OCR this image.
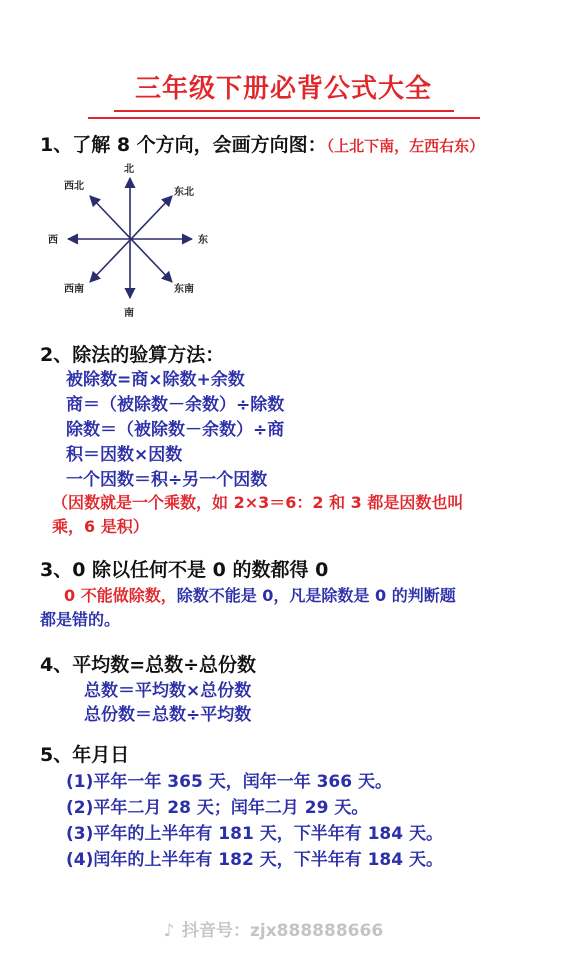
三年级下册必背公式大全
1、了解 8 个方向，会画方向图：（上北下南，左西右东）
北
南
西	东
西北
东北
西南	东南
2、除法的验算方法：
被除数=商×除数+余数
商＝（被除数－余数）÷除数
除数＝（被除数－余数）÷商
积＝因数×因数
一个因数＝积÷另一个因数
（因数就是一个乘数，如 2×3＝6：2 和 3 都是因数也叫
乘，6 是积）
3、0 除以任何不是 0 的数都得 0
0 不能做除数，除数不能是 0，凡是除数是 0 的判断题
都是错的。
4、平均数=总数÷总份数
总数＝平均数×总份数
总份数＝总数÷平均数
5、年月日
(1)平年一年 365 天，闰年一年 366 天。
(2)平年二月 28 天；闰年二月 29 天。
(3)平年的上半年有 181 天，下半年有 184 天。
(4)闰年的上半年有 182 天，下半年有 184 天。
♪ 抖音号：zjx888888666
